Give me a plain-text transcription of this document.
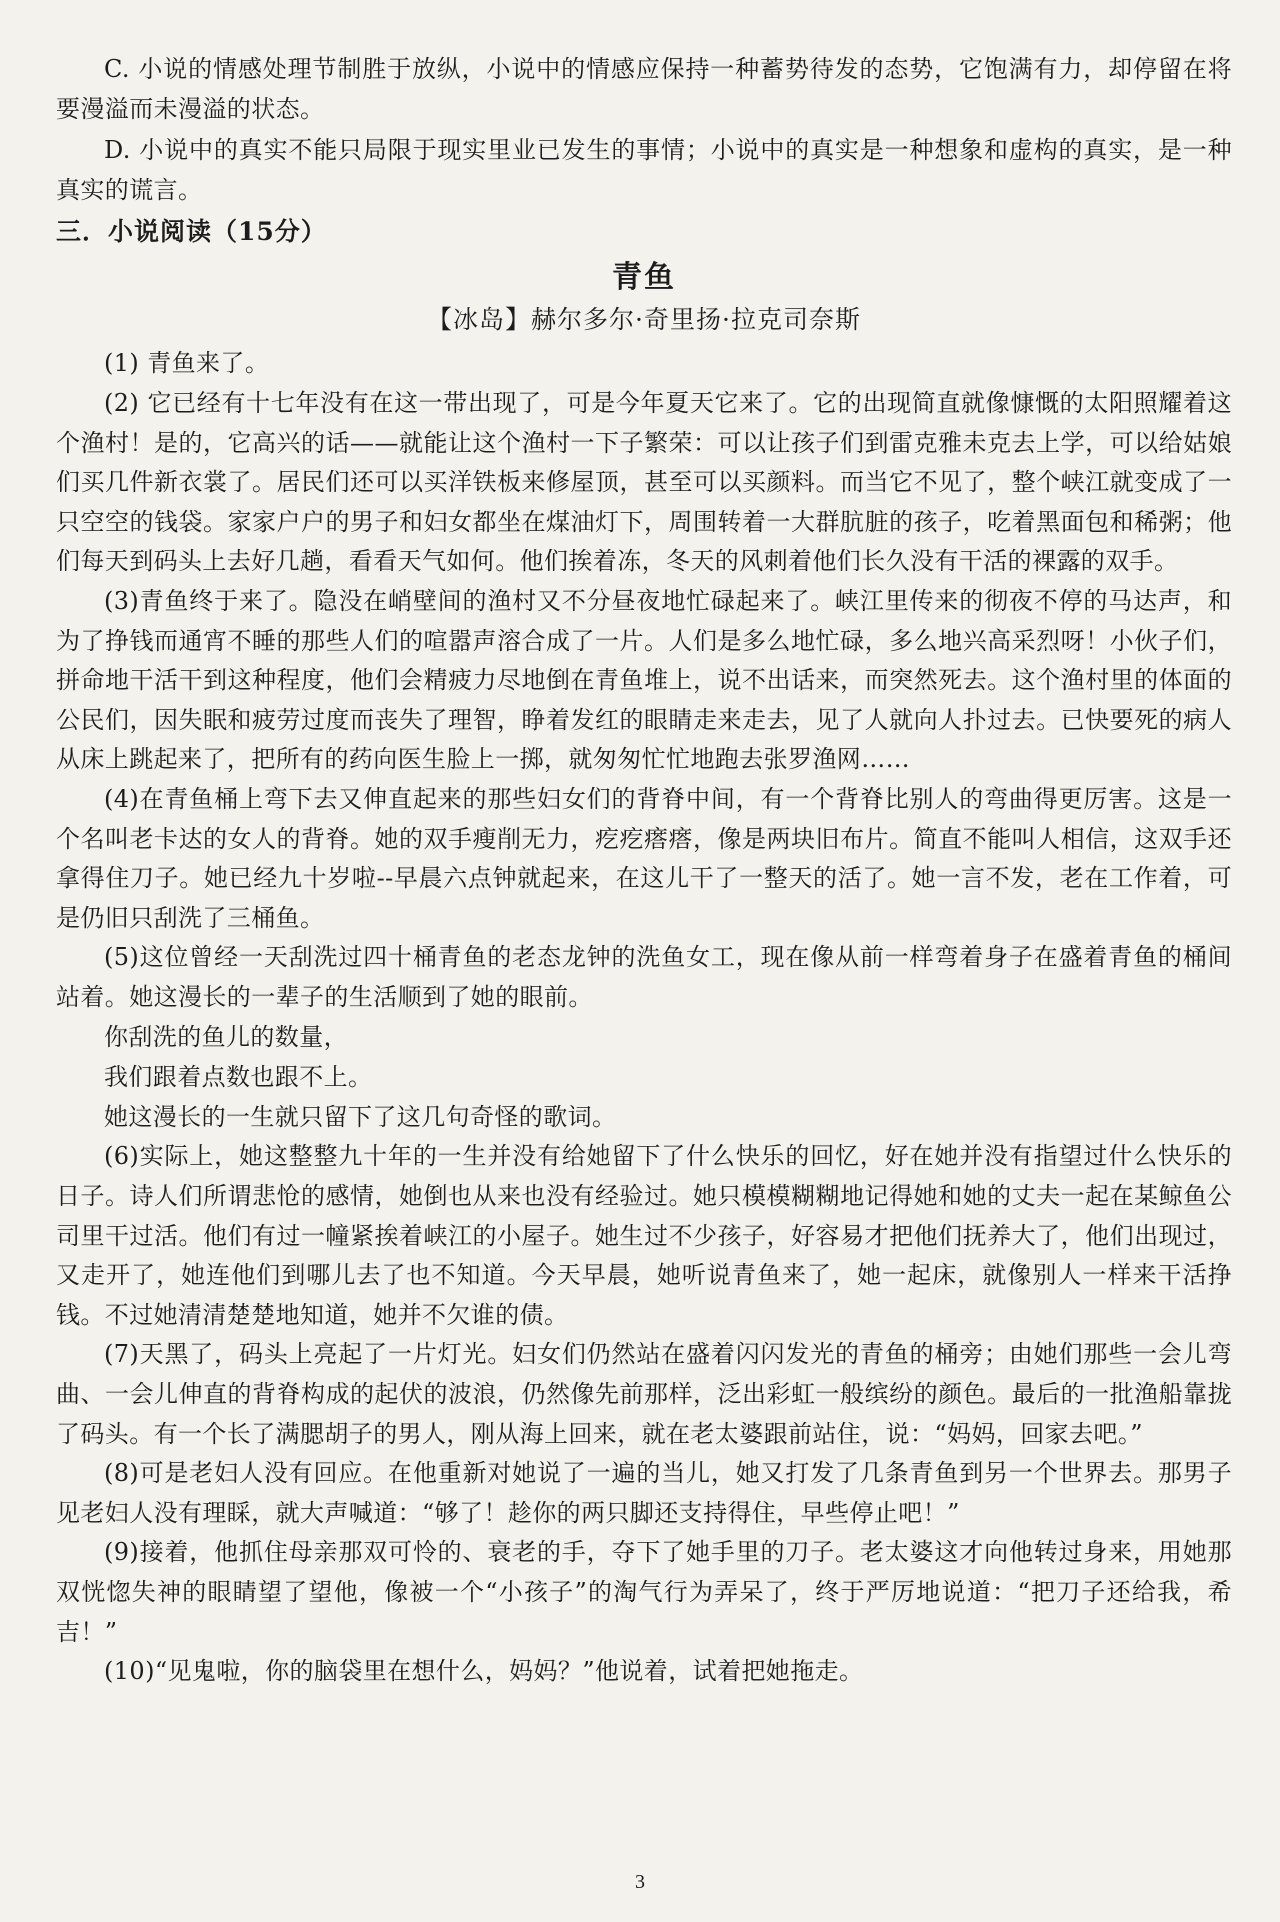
C. 小说的情感处理节制胜于放纵，小说中的情感应保持一种蓄势待发的态势，它饱满有力，却停留在将要漫溢而未漫溢的状态。

D. 小说中的真实不能只局限于现实里业已发生的事情；小说中的真实是一种想象和虚构的真实，是一种真实的谎言。

三．小说阅读（15分）
青鱼
【冰岛】赫尔多尔·奇里扬·拉克司奈斯

(1) 青鱼来了。

(2) 它已经有十七年没有在这一带出现了，可是今年夏天它来了。它的出现简直就像慷慨的太阳照耀着这个渔村！是的，它高兴的话——就能让这个渔村一下子繁荣：可以让孩子们到雷克雅未克去上学，可以给姑娘们买几件新衣裳了。居民们还可以买洋铁板来修屋顶，甚至可以买颜料。而当它不见了，整个峡江就变成了一只空空的钱袋。家家户户的男子和妇女都坐在煤油灯下，周围转着一大群肮脏的孩子，吃着黑面包和稀粥；他们每天到码头上去好几趟，看看天气如何。他们挨着冻，冬天的风刺着他们长久没有干活的裸露的双手。

(3)青鱼终于来了。隐没在峭壁间的渔村又不分昼夜地忙碌起来了。峡江里传来的彻夜不停的马达声，和为了挣钱而通宵不睡的那些人们的喧嚣声溶合成了一片。人们是多么地忙碌，多么地兴高采烈呀！小伙子们，拼命地干活干到这种程度，他们会精疲力尽地倒在青鱼堆上，说不出话来，而突然死去。这个渔村里的体面的公民们，因失眠和疲劳过度而丧失了理智，睁着发红的眼睛走来走去，见了人就向人扑过去。已快要死的病人从床上跳起来了，把所有的药向医生脸上一掷，就匆匆忙忙地跑去张罗渔网……

(4)在青鱼桶上弯下去又伸直起来的那些妇女们的背脊中间，有一个背脊比别人的弯曲得更厉害。这是一个名叫老卡达的女人的背脊。她的双手瘦削无力，疙疙瘩瘩，像是两块旧布片。简直不能叫人相信，这双手还拿得住刀子。她已经九十岁啦--早晨六点钟就起来，在这儿干了一整天的活了。她一言不发，老在工作着，可是仍旧只刮洗了三桶鱼。

(5)这位曾经一天刮洗过四十桶青鱼的老态龙钟的洗鱼女工，现在像从前一样弯着身子在盛着青鱼的桶间站着。她这漫长的一辈子的生活顺到了她的眼前。

你刮洗的鱼儿的数量，

我们跟着点数也跟不上。

她这漫长的一生就只留下了这几句奇怪的歌词。

(6)实际上，她这整整九十年的一生并没有给她留下了什么快乐的回忆，好在她并没有指望过什么快乐的日子。诗人们所谓悲怆的感情，她倒也从来也没有经验过。她只模模糊糊地记得她和她的丈夫一起在某鲸鱼公司里干过活。他们有过一幢紧挨着峡江的小屋子。她生过不少孩子，好容易才把他们抚养大了，他们出现过，又走开了，她连他们到哪儿去了也不知道。今天早晨，她听说青鱼来了，她一起床，就像别人一样来干活挣钱。不过她清清楚楚地知道，她并不欠谁的债。

(7)天黑了，码头上亮起了一片灯光。妇女们仍然站在盛着闪闪发光的青鱼的桶旁；由她们那些一会儿弯曲、一会儿伸直的背脊构成的起伏的波浪，仍然像先前那样，泛出彩虹一般缤纷的颜色。最后的一批渔船靠拢了码头。有一个长了满腮胡子的男人，刚从海上回来，就在老太婆跟前站住，说：“妈妈，回家去吧。”

(8)可是老妇人没有回应。在他重新对她说了一遍的当儿，她又打发了几条青鱼到另一个世界去。那男子见老妇人没有理睬，就大声喊道：“够了！趁你的两只脚还支持得住，早些停止吧！”

(9)接着，他抓住母亲那双可怜的、衰老的手，夺下了她手里的刀子。老太婆这才向他转过身来，用她那双恍惚失神的眼睛望了望他，像被一个“小孩子”的淘气行为弄呆了，终于严厉地说道：“把刀子还给我，希吉！”

(10)“见鬼啦，你的脑袋里在想什么，妈妈？”他说着，试着把她拖走。

3
